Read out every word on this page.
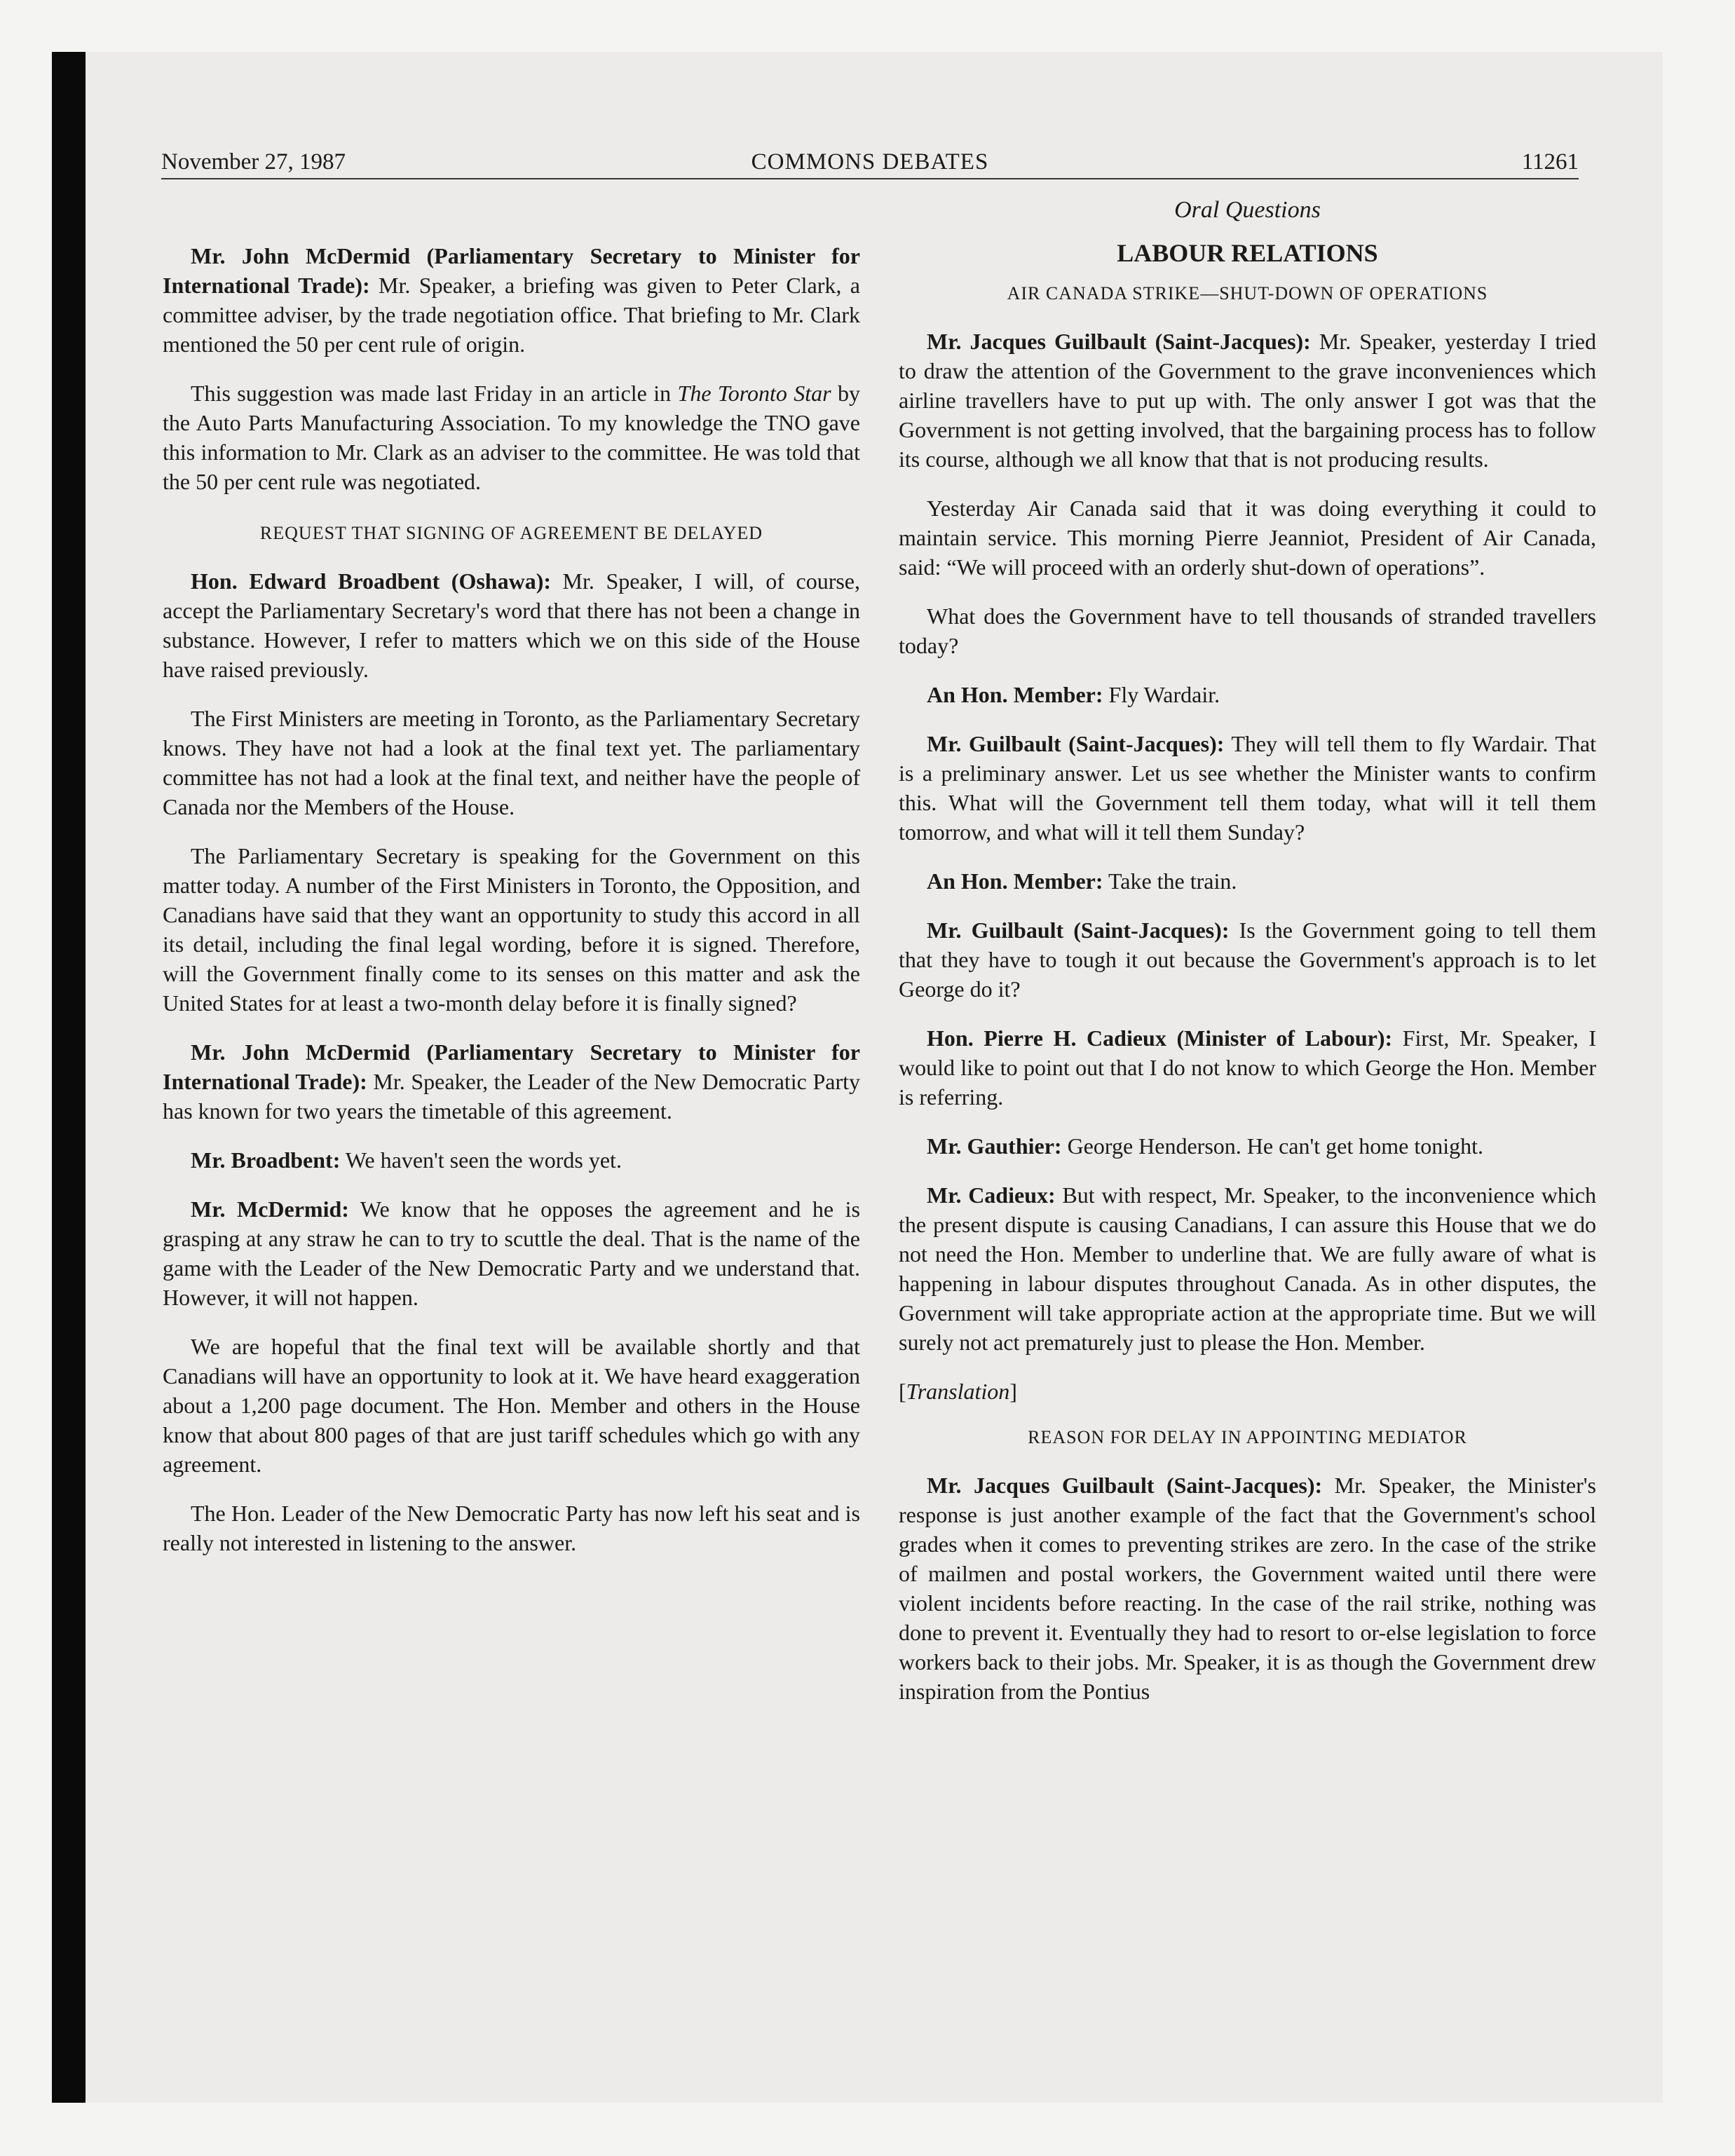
COMMONS DEBATES
November 27, 1987	11261

Mr. John McDermid (Parliamentary Secretary to Minister for International Trade): Mr. Speaker, a briefing was given to Peter Clark, a committee adviser, by the trade negotiation office. That briefing to Mr. Clark mentioned the 50 per cent rule of origin.

This suggestion was made last Friday in an article in The Toronto Star by the Auto Parts Manufacturing Association. To my knowledge the TNO gave this information to Mr. Clark as an adviser to the committee. He was told that the 50 per cent rule was negotiated.

REQUEST THAT SIGNING OF AGREEMENT BE DELAYED

Hon. Edward Broadbent (Oshawa): Mr. Speaker, I will, of course, accept the Parliamentary Secretary's word that there has not been a change in substance. However, I refer to matters which we on this side of the House have raised previously.

The First Ministers are meeting in Toronto, as the Parliamentary Secretary knows. They have not had a look at the final text yet. The parliamentary committee has not had a look at the final text, and neither have the people of Canada nor the Members of the House.

The Parliamentary Secretary is speaking for the Government on this matter today. A number of the First Ministers in Toronto, the Opposition, and Canadians have said that they want an opportunity to study this accord in all its detail, including the final legal wording, before it is signed. Therefore, will the Government finally come to its senses on this matter and ask the United States for at least a two-month delay before it is finally signed?

Mr. John McDermid (Parliamentary Secretary to Minister for International Trade): Mr. Speaker, the Leader of the New Democratic Party has known for two years the timetable of this agreement.

Mr. Broadbent: We haven't seen the words yet.

Mr. McDermid: We know that he opposes the agreement and he is grasping at any straw he can to try to scuttle the deal. That is the name of the game with the Leader of the New Democratic Party and we understand that. However, it will not happen.

We are hopeful that the final text will be available shortly and that Canadians will have an opportunity to look at it. We have heard exaggeration about a 1,200 page document. The Hon. Member and others in the House know that about 800 pages of that are just tariff schedules which go with any agreement.

The Hon. Leader of the New Democratic Party has now left his seat and is really not interested in listening to the answer.

Oral Questions
LABOUR RELATIONS
AIR CANADA STRIKE—SHUT-DOWN OF OPERATIONS

Mr. Jacques Guilbault (Saint-Jacques): Mr. Speaker, yesterday I tried to draw the attention of the Government to the grave inconveniences which airline travellers have to put up with. The only answer I got was that the Government is not getting involved, that the bargaining process has to follow its course, although we all know that that is not producing results.

Yesterday Air Canada said that it was doing everything it could to maintain service. This morning Pierre Jeanniot, President of Air Canada, said: “We will proceed with an orderly shut-down of operations”.

What does the Government have to tell thousands of stranded travellers today?

An Hon. Member: Fly Wardair.

Mr. Guilbault (Saint-Jacques): They will tell them to fly Wardair. That is a preliminary answer. Let us see whether the Minister wants to confirm this. What will the Government tell them today, what will it tell them tomorrow, and what will it tell them Sunday?

An Hon. Member: Take the train.

Mr. Guilbault (Saint-Jacques): Is the Government going to tell them that they have to tough it out because the Government's approach is to let George do it?

Hon. Pierre H. Cadieux (Minister of Labour): First, Mr. Speaker, I would like to point out that I do not know to which George the Hon. Member is referring.

Mr. Gauthier: George Henderson. He can't get home tonight.

Mr. Cadieux: But with respect, Mr. Speaker, to the inconvenience which the present dispute is causing Canadians, I can assure this House that we do not need the Hon. Member to underline that. We are fully aware of what is happening in labour disputes throughout Canada. As in other disputes, the Government will take appropriate action at the appropriate time. But we will surely not act prematurely just to please the Hon. Member.

[Translation]

REASON FOR DELAY IN APPOINTING MEDIATOR

Mr. Jacques Guilbault (Saint-Jacques): Mr. Speaker, the Minister's response is just another example of the fact that the Government's school grades when it comes to preventing strikes are zero. In the case of the strike of mailmen and postal workers, the Government waited until there were violent incidents before reacting. In the case of the rail strike, nothing was done to prevent it. Eventually they had to resort to or-else legislation to force workers back to their jobs. Mr. Speaker, it is as though the Government drew inspiration from the Pontius
